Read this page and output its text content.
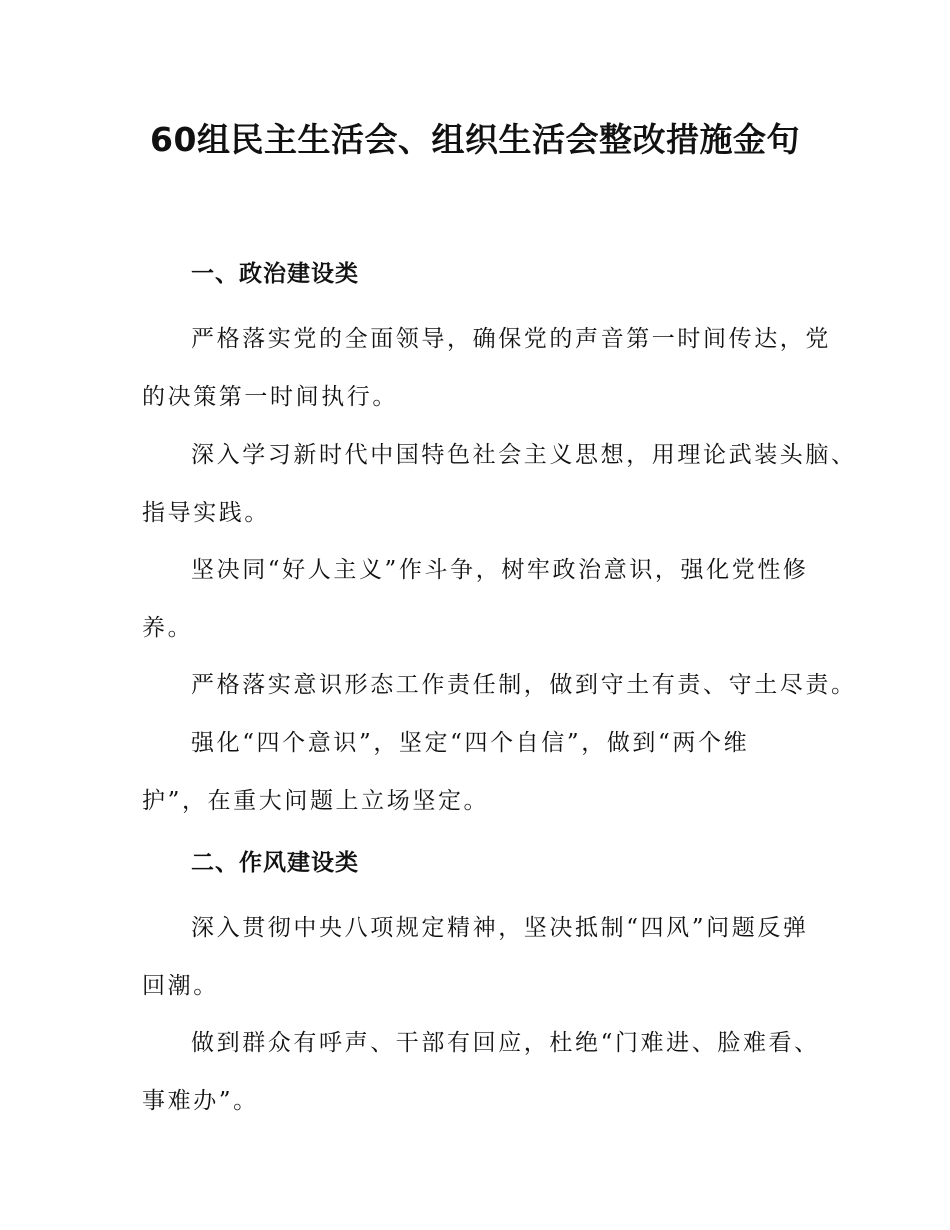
60组民主生活会、组织生活会整改措施金句
一、政治建设类

严格落实党的全面领导，确保党的声音第一时间传达，党
的决策第一时间执行。

深入学习新时代中国特色社会主义思想，用理论武装头脑、
指导实践。

坚决同“好人主义”作斗争，树牢政治意识，强化党性修
养。

严格落实意识形态工作责任制，做到守土有责、守土尽责。

强化“四个意识”，坚定“四个自信”，做到“两个维
护”，在重大问题上立场坚定。

二、作风建设类

深入贯彻中央八项规定精神，坚决抵制“四风”问题反弹
回潮。

做到群众有呼声、干部有回应，杜绝“门难进、脸难看、
事难办”。
